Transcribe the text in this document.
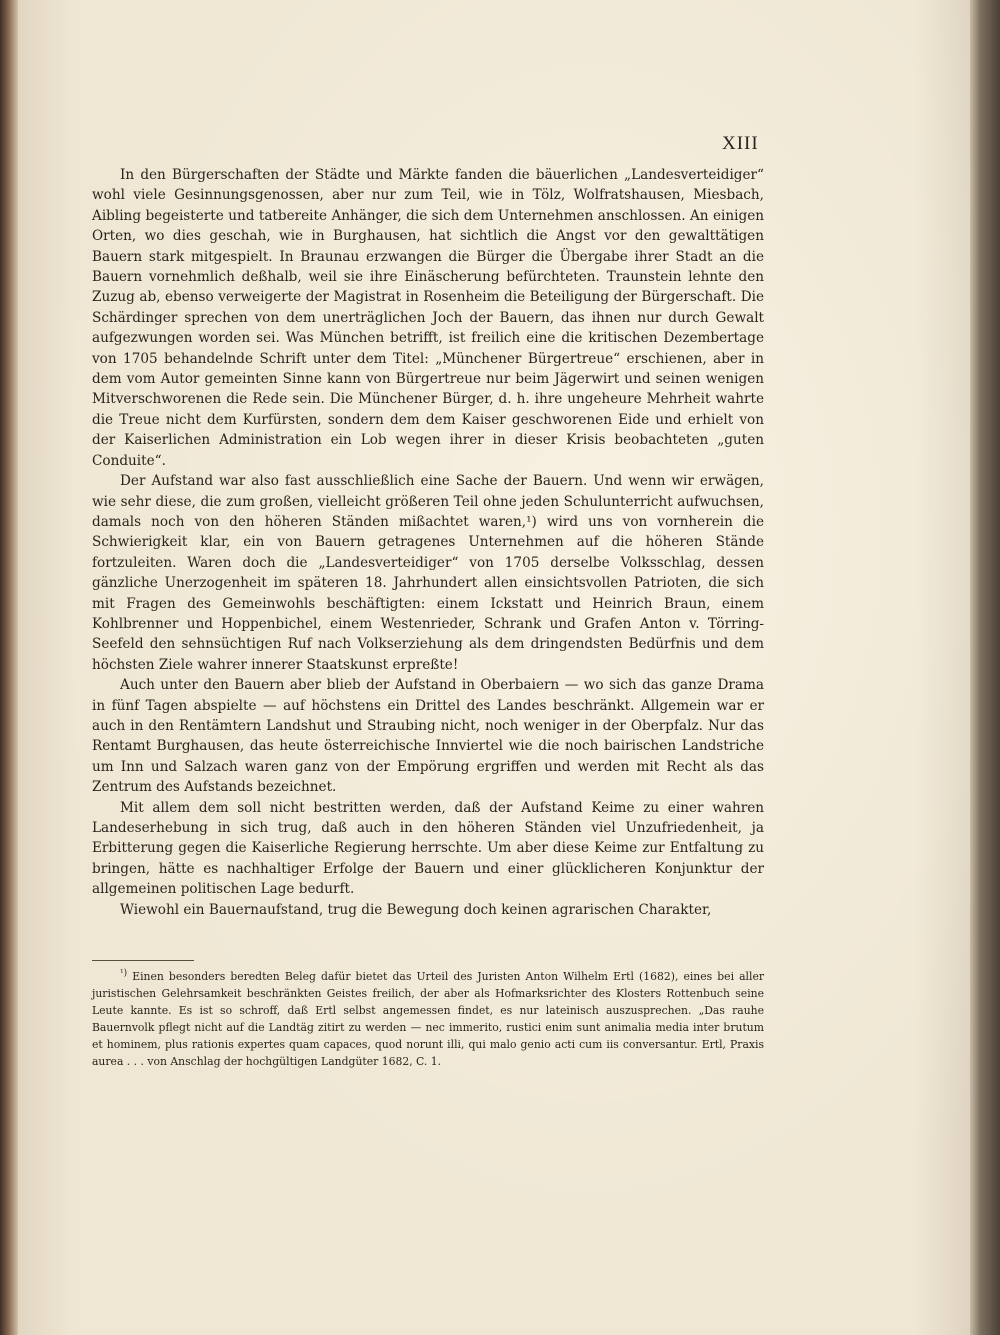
XIII

In den Bürgerschaften der Städte und Märkte fanden die bäuerlichen „Landesverteidiger“ wohl viele Gesinnungsgenossen, aber nur zum Teil, wie in Tölz, Wolfratshausen, Miesbach, Aibling begeisterte und tatbereite Anhänger, die sich dem Unternehmen anschlossen. An einigen Orten, wo dies geschah, wie in Burghausen, hat sichtlich die Angst vor den gewalttätigen Bauern stark mitgespielt. In Braunau erzwangen die Bürger die Übergabe ihrer Stadt an die Bauern vornehmlich deßhalb, weil sie ihre Einäscherung befürchteten. Traunstein lehnte den Zuzug ab, ebenso verweigerte der Magistrat in Rosenheim die Beteiligung der Bürgerschaft. Die Schärdinger sprechen von dem unerträglichen Joch der Bauern, das ihnen nur durch Gewalt aufgezwungen worden sei. Was München betrifft, ist freilich eine die kritischen Dezembertage von 1705 behandelnde Schrift unter dem Titel: „Münchener Bürgertreue“ erschienen, aber in dem vom Autor gemeinten Sinne kann von Bürgertreue nur beim Jägerwirt und seinen wenigen Mitverschworenen die Rede sein. Die Münchener Bürger, d. h. ihre ungeheure Mehrheit wahrte die Treue nicht dem Kurfürsten, sondern dem dem Kaiser geschworenen Eide und erhielt von der Kaiserlichen Administration ein Lob wegen ihrer in dieser Krisis beobachteten „guten Conduite“.

Der Aufstand war also fast ausschließlich eine Sache der Bauern. Und wenn wir erwägen, wie sehr diese, die zum großen, vielleicht größeren Teil ohne jeden Schulunterricht aufwuchsen, damals noch von den höheren Ständen mißachtet waren,¹) wird uns von vornherein die Schwierigkeit klar, ein von Bauern getragenes Unternehmen auf die höheren Stände fortzuleiten. Waren doch die „Landesverteidiger“ von 1705 derselbe Volksschlag, dessen gänzliche Unerzogenheit im späteren 18. Jahrhundert allen einsichtsvollen Patrioten, die sich mit Fragen des Gemeinwohls beschäftigten: einem Ickstatt und Heinrich Braun, einem Kohlbrenner und Hoppenbichel, einem Westenrieder, Schrank und Grafen Anton v. Törring-Seefeld den sehnsüchtigen Ruf nach Volkserziehung als dem dringendsten Bedürfnis und dem höchsten Ziele wahrer innerer Staatskunst erpreßte!

Auch unter den Bauern aber blieb der Aufstand in Oberbaiern — wo sich das ganze Drama in fünf Tagen abspielte — auf höchstens ein Drittel des Landes beschränkt. Allgemein war er auch in den Rentämtern Landshut und Straubing nicht, noch weniger in der Oberpfalz. Nur das Rentamt Burghausen, das heute österreichische Innviertel wie die noch bairischen Landstriche um Inn und Salzach waren ganz von der Empörung ergriffen und werden mit Recht als das Zentrum des Aufstands bezeichnet.

Mit allem dem soll nicht bestritten werden, daß der Aufstand Keime zu einer wahren Landeserhebung in sich trug, daß auch in den höheren Ständen viel Unzufriedenheit, ja Erbitterung gegen die Kaiserliche Regierung herrschte. Um aber diese Keime zur Entfaltung zu bringen, hätte es nachhaltiger Erfolge der Bauern und einer glücklicheren Konjunktur der allgemeinen politischen Lage bedurft.

Wiewohl ein Bauernaufstand, trug die Bewegung doch keinen agrarischen Charakter,

$^{^1)}$ Einen besonders beredten Beleg dafür bietet das Urteil des Juristen Anton Wilhelm Ertl (1682), eines bei aller juristischen Gelehrsamkeit beschränkten Geistes freilich, der aber als Hofmarksrichter des Klosters Rottenbuch seine Leute kannte. Es ist so schroff, daß Ertl selbst angemessen findet, es nur lateinisch auszusprechen. „Das rauhe Bauernvolk pflegt nicht auf die Landtäg zitirt zu werden — nec immerito, rustici enim sunt animalia media inter brutum et hominem, plus rationis expertes quam capaces, quod norunt illi, qui malo genio acti cum iis conversantur. Ertl, Praxis aurea . . . von Anschlag der hochgültigen Landgüter 1682, C. 1.
